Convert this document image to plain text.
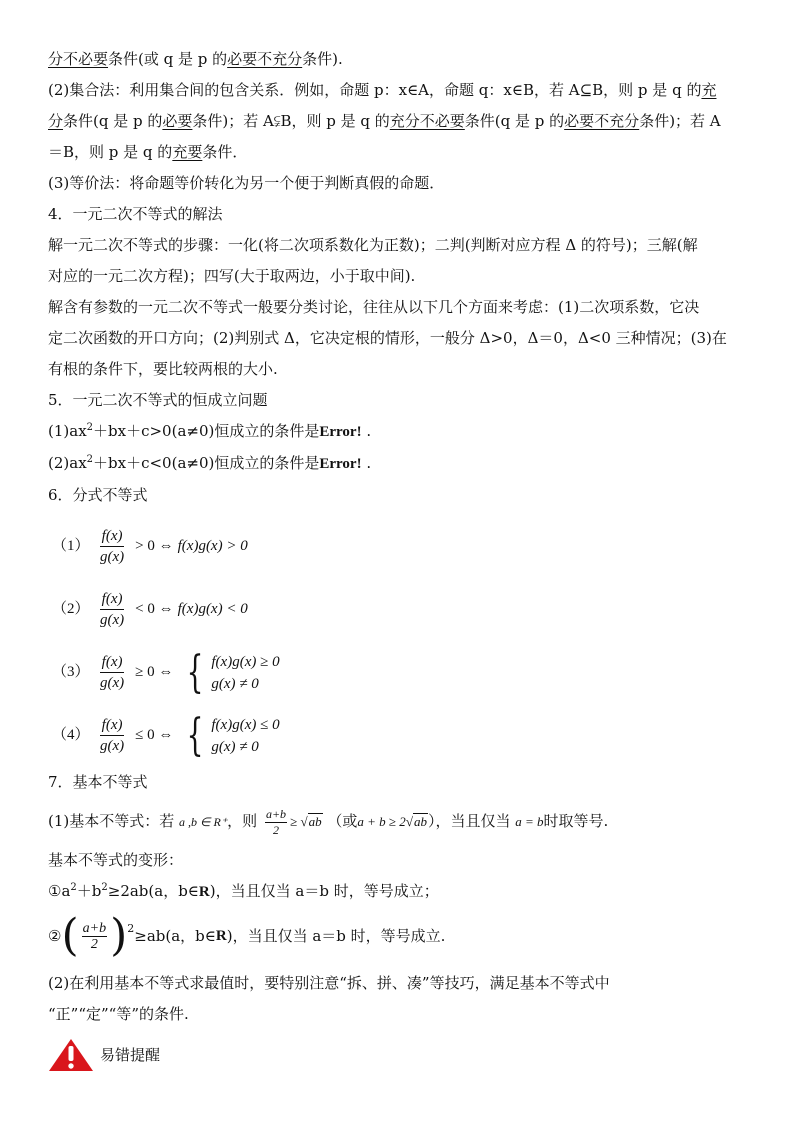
分不必要条件(或 q 是 p 的必要不充分条件).
(2)集合法：利用集合间的包含关系．例如，命题 p：x∈A，命题 q：x∈B，若 A⊆B，则 p 是 q 的充
分条件(q 是 p 的必要条件)；若 A⫋B，则 p 是 q 的充分不必要条件(q 是 p 的必要不充分条件)；若 A
＝B，则 p 是 q 的充要条件．
(3)等价法：将命题等价转化为另一个便于判断真假的命题．
4．一元二次不等式的解法
解一元二次不等式的步骤：一化(将二次项系数化为正数)；二判(判断对应方程 Δ 的符号)；三解(解
对应的一元二次方程)；四写(大于取两边，小于取中间).
解含有参数的一元二次不等式一般要分类讨论，往往从以下几个方面来考虑：(1)二次项系数，它决
定二次函数的开口方向；(2)判别式 Δ，它决定根的情形，一般分 Δ>0，Δ＝0，Δ<0 三种情况；(3)在
有根的条件下，要比较两根的大小.
5．一元二次不等式的恒成立问题
$(1)ax^2+bx+c>0(a\ne 0)$恒成立的条件是Error! .
$(2)ax^2+bx+c<0(a\ne 0)$恒成立的条件是Error! .
6．分式不等式
$(1) \frac{f(x)}{g(x)} > 0$ ⇔ f(x)g(x) > 0
$(2) \frac{f(x)}{g(x)} < 0$ ⇔ f(x)g(x) < 0
$(3) \frac{f(x)}{g(x)} \ge 0$ ⇔ { f(x)g(x) ≥ 0
g(x) ≠ 0
$(4) \frac{f(x)}{g(x)} \le 0$ ⇔ { f(x)g(x) ≤ 0
g(x) ≠ 0
7．基本不等式
(1)基本不等式：若 a ,b ∈ R⁺，则 $\frac{a+b}{2} \ge √ab$ （或a + b ≥ 2√ab），当且仅当 a = b时取等号.
基本不等式的变形：
$①a^2+b^2\ge 2ab(a$，b∈R)，当且仅当 a＝b 时，等号成立；
② ( $\frac{a+b}{2}$ ) 2 ≥ab(a，b∈ R )，当且仅当 a＝b 时，等号成立.
(2)在利用基本不等式求最值时，要特别注意“拆、拼、凑”等技巧，满足基本不等式中
“正”“定”“等”的条件.
易错提醒
